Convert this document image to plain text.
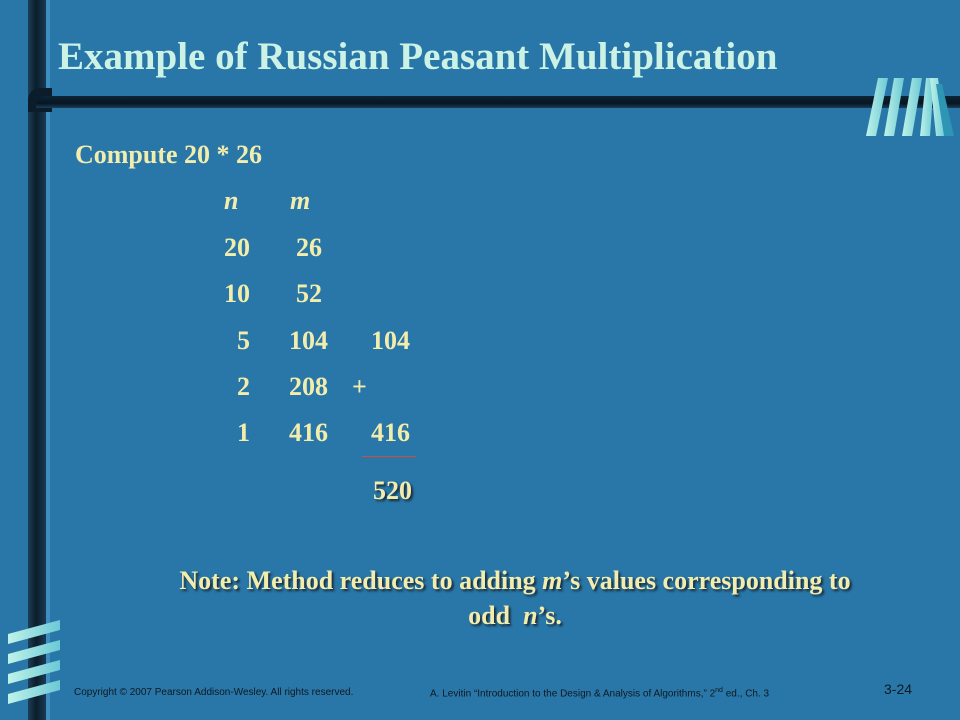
Example of Russian Peasant Multiplication
Compute 20 * 26
n m
20	26
10	52
5	104	104
2	208 +
1	416	416
520
Note: Method reduces to adding m’s values corresponding to
odd  n’s.
Copyright © 2007 Pearson Addison-Wesley. All rights reserved.	A. Levitin “Introduction to the Design & Analysis of Algorithms,” 2nd ed., Ch. 3	3-24
